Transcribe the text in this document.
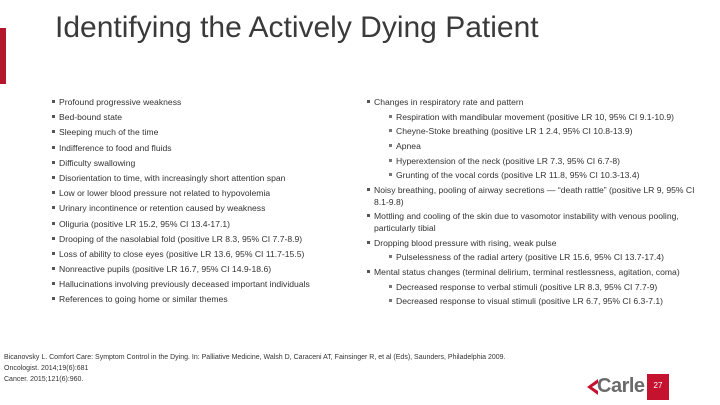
Identifying the Actively Dying Patient
Profound progressive weakness
Bed-bound state
Sleeping much of the time
Indifference to food and fluids
Difficulty swallowing
Disorientation to time, with increasingly short attention span
Low or lower blood pressure not related to hypovolemia
Urinary incontinence or retention caused by weakness
Oliguria (positive LR 15.2, 95% CI 13.4-17.1)
Drooping of the nasolabial fold (positive LR 8.3, 95% CI 7.7-8.9)
Loss of ability to close eyes (positive LR 13.6, 95% CI 11.7-15.5)
Nonreactive pupils (positive LR 16.7, 95% CI 14.9-18.6)
Hallucinations involving previously deceased important individuals
References to going home or similar themes
Changes in respiratory rate and pattern
Respiration with mandibular movement (positive LR 10, 95% CI 9.1-10.9)
Cheyne-Stoke breathing (positive LR 1 2.4, 95% CI 10.8-13.9)
Apnea
Hyperextension of the neck (positive LR 7.3, 95% CI 6.7-8)
Grunting of the vocal cords (positive LR 11.8, 95% CI 10.3-13.4)
Noisy breathing, pooling of airway secretions — “death rattle” (positive LR 9, 95% CI 8.1-9.8)
Mottling and cooling of the skin due to vasomotor instability with venous pooling, particularly tibial
Dropping blood pressure with rising, weak pulse
Pulselessness of the radial artery (positive LR 15.6, 95% CI 13.7-17.4)
Mental status changes (terminal delirium, terminal restlessness, agitation, coma)
Decreased response to verbal stimuli (positive LR 8.3, 95% CI 7.7-9)
Decreased response to visual stimuli (positive LR 6.7, 95% CI 6.3-7.1)
Bicanovsky L. Comfort Care: Symptom Control in the Dying. In: Palliative Medicine, Walsh D, Caraceni AT, Fainsinger R, et al (Eds), Saunders, Philadelphia 2009.
Oncologist. 2014;19(6):681
Cancer. 2015;121(6):960.	Carle	27
